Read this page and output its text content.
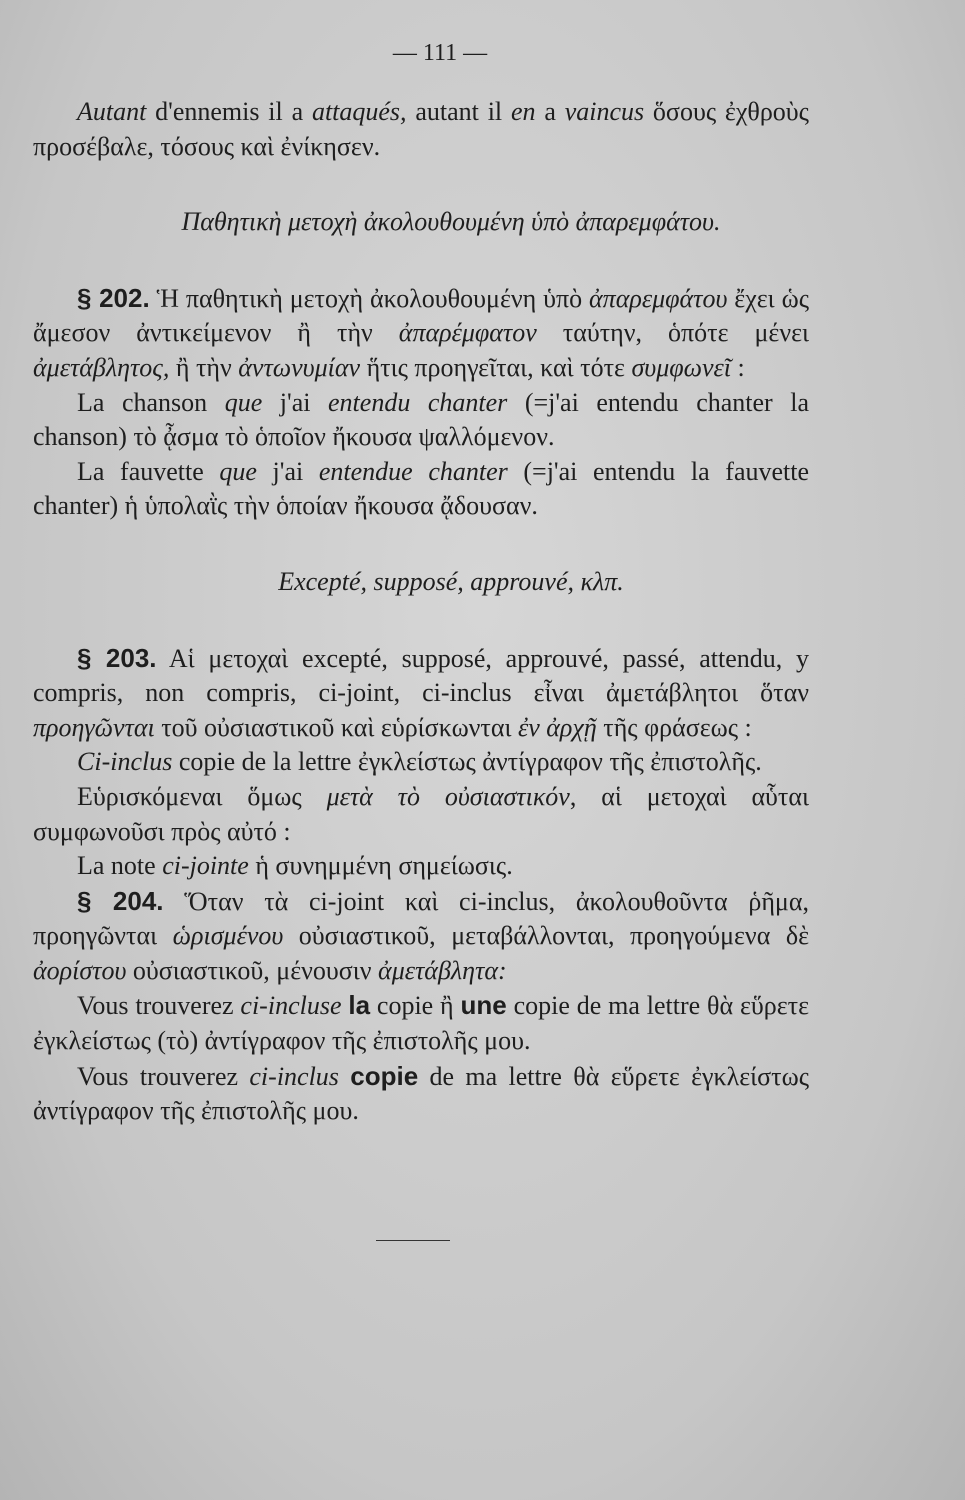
— 111 —

Autant d'ennemis il a attaqués, autant il en a vaincus ὅσους ἐχθροὺς προσέβαλε, τόσους καὶ ἐνίκησεν.

Παθητικὴ μετοχὴ ἀκολουθουμένη ὑπὸ ἀπαρεμφάτου.

§ 202. Ἡ παθητικὴ μετοχὴ ἀκολουθουμένη ὑπὸ ἀπαρεμφάτου ἔχει ὡς ἄμεσον ἀντικείμενον ἢ τὴν ἀπαρέμφατον ταύτην, ὁπότε μένει ἀμετάβλητος, ἢ τὴν ἀντωνυμίαν ἥτις προηγεῖται, καὶ τότε συμφωνεῖ :

La chanson que j'ai entendu chanter (=j'ai entendu chanter la chanson) τὸ ᾆσμα τὸ ὁποῖον ἤκουσα ψαλλόμενον.

La fauvette que j'ai entendue chanter (=j'ai entendu la fauvette chanter) ἡ ὑπολαῒς τὴν ὁποίαν ἤκουσα ᾄδουσαν.

Excepté, supposé, approuvé, κλπ.

§ 203. Αἱ μετοχαὶ excepté, supposé, approuvé, passé, attendu, y compris, non compris, ci-joint, ci-inclus εἶναι ἀμετάβλητοι ὅταν προηγῶνται τοῦ οὐσιαστικοῦ καὶ εὑρίσκωνται ἐν ἀρχῇ τῆς φράσεως :

Ci-inclus copie de la lettre ἐγκλείστως ἀντίγραφον τῆς ἐπιστολῆς.

Εὑρισκόμεναι ὅμως μετὰ τὸ οὐσιαστικόν, αἱ μετοχαὶ αὗται συμφωνοῦσι πρὸς αὐτό :

La note ci-jointe ἡ συνημμένη σημείωσις.

§ 204. Ὅταν τὰ ci-joint καὶ ci-inclus, ἀκολουθοῦντα ῥῆμα, προηγῶνται ὡρισμένου οὐσιαστικοῦ, μεταβάλλονται, προηγούμενα δὲ ἀορίστου οὐσιαστικοῦ, μένουσιν ἀμετάβλητα:

Vous trouverez ci-incluse la copie ἢ une copie de ma lettre θὰ εὕρετε ἐγκλείστως (τὸ) ἀντίγραφον τῆς ἐπιστολῆς μου.

Vous trouverez ci-inclus copie de ma lettre θὰ εὕρετε ἐγκλείστως ἀντίγραφον τῆς ἐπιστολῆς μου.
